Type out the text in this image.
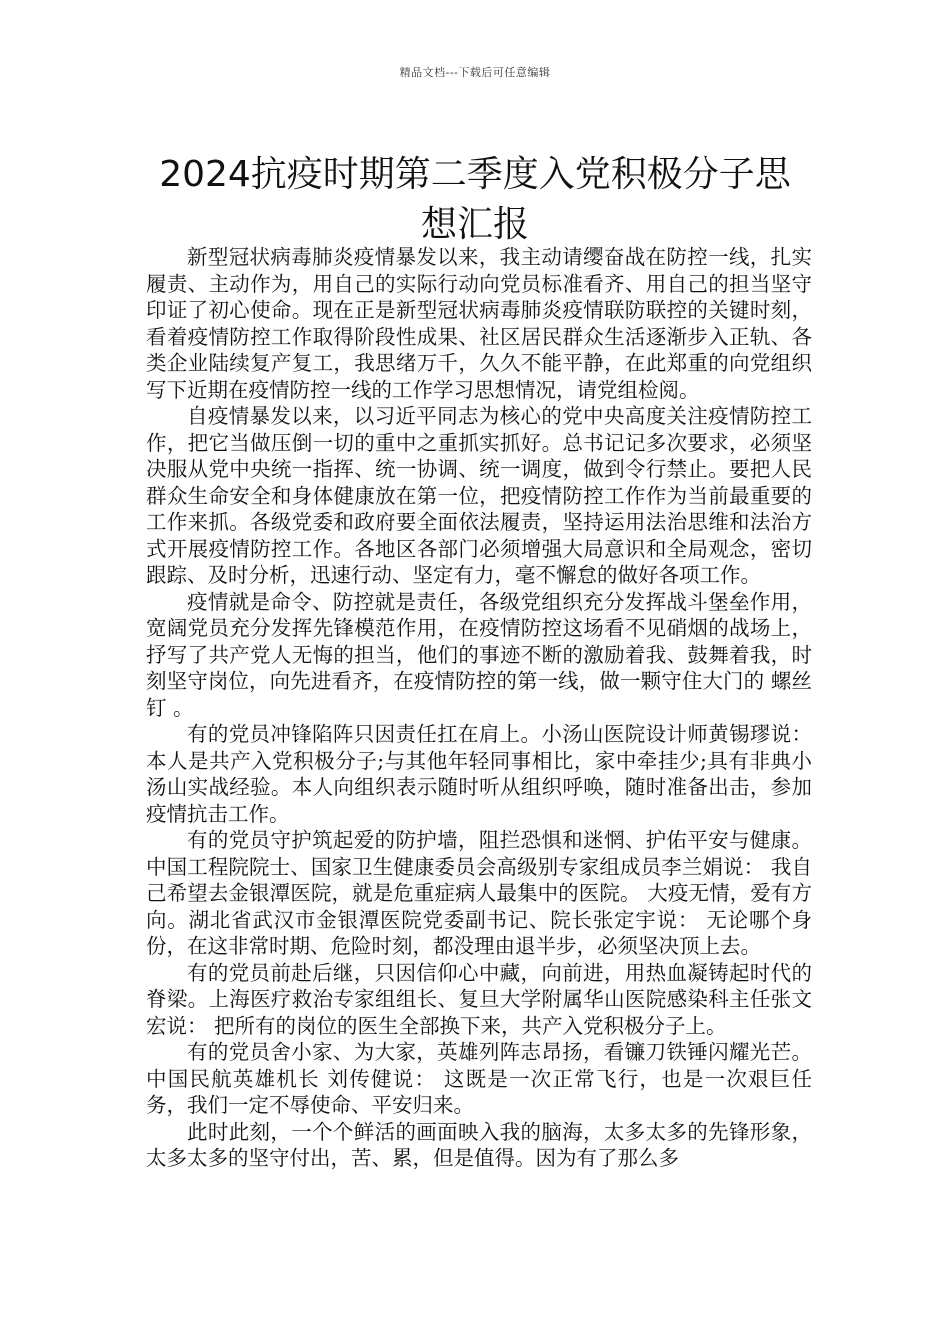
精品文档---下载后可任意编辑
2024抗疫时期第二季度入党积极分子思
想汇报

新型冠状病毒肺炎疫情暴发以来，我主动请缨奋战在防控一线，扎实履责、主动作为，用自己的实际行动向党员标准看齐、用自己的担当坚守印证了初心使命。现在正是新型冠状病毒肺炎疫情联防联控的关键时刻，看着疫情防控工作取得阶段性成果、社区居民群众生活逐渐步入正轨、各类企业陆续复产复工，我思绪万千，久久不能平静，在此郑重的向党组织写下近期在疫情防控一线的工作学习思想情况，请党组检阅。

自疫情暴发以来，以习近平同志为核心的党中央高度关注疫情防控工作，把它当做压倒一切的重中之重抓实抓好。总书记记多次要求，必须坚决服从党中央统一指挥、统一协调、统一调度，做到令行禁止。要把人民群众生命安全和身体健康放在第一位，把疫情防控工作作为当前最重要的工作来抓。各级党委和政府要全面依法履责，坚持运用法治思维和法治方式开展疫情防控工作。各地区各部门必须增强大局意识和全局观念，密切跟踪、及时分析，迅速行动、坚定有力，毫不懈怠的做好各项工作。

疫情就是命令、防控就是责任，各级党组织充分发挥战斗堡垒作用，宽阔党员充分发挥先锋模范作用，在疫情防控这场看不见硝烟的战场上，抒写了共产党人无悔的担当，他们的事迹不断的激励着我、鼓舞着我，时刻坚守岗位，向先进看齐，在疫情防控的第一线，做一颗守住大门的 螺丝钉 。

有的党员冲锋陷阵只因责任扛在肩上。小汤山医院设计师黄锡璆说： 本人是共产入党积极分子;与其他年轻同事相比，家中牵挂少;具有非典小汤山实战经验。本人向组织表示随时听从组织呼唤，随时准备出击，参加疫情抗击工作。

有的党员守护筑起爱的防护墙，阻拦恐惧和迷惘、护佑平安与健康。中国工程院院士、国家卫生健康委员会高级别专家组成员李兰娟说： 我自己希望去金银潭医院，就是危重症病人最集中的医院。 大疫无情，爱有方向。湖北省武汉市金银潭医院党委副书记、院长张定宇说： 无论哪个身份，在这非常时期、危险时刻，都没理由退半步，必须坚决顶上去。

有的党员前赴后继，只因信仰心中藏，向前进，用热血凝铸起时代的脊梁。上海医疗救治专家组组长、复旦大学附属华山医院感染科主任张文宏说： 把所有的岗位的医生全部换下来，共产入党积极分子上。

有的党员舍小家、为大家，英雄列阵志昂扬，看镰刀铁锤闪耀光芒。 中国民航英雄机长 刘传健说： 这既是一次正常飞行，也是一次艰巨任务，我们一定不辱使命、平安归来。

此时此刻，一个个鲜活的画面映入我的脑海，太多太多的先锋形象，太多太多的坚守付出，苦、累，但是值得。因为有了那么多
